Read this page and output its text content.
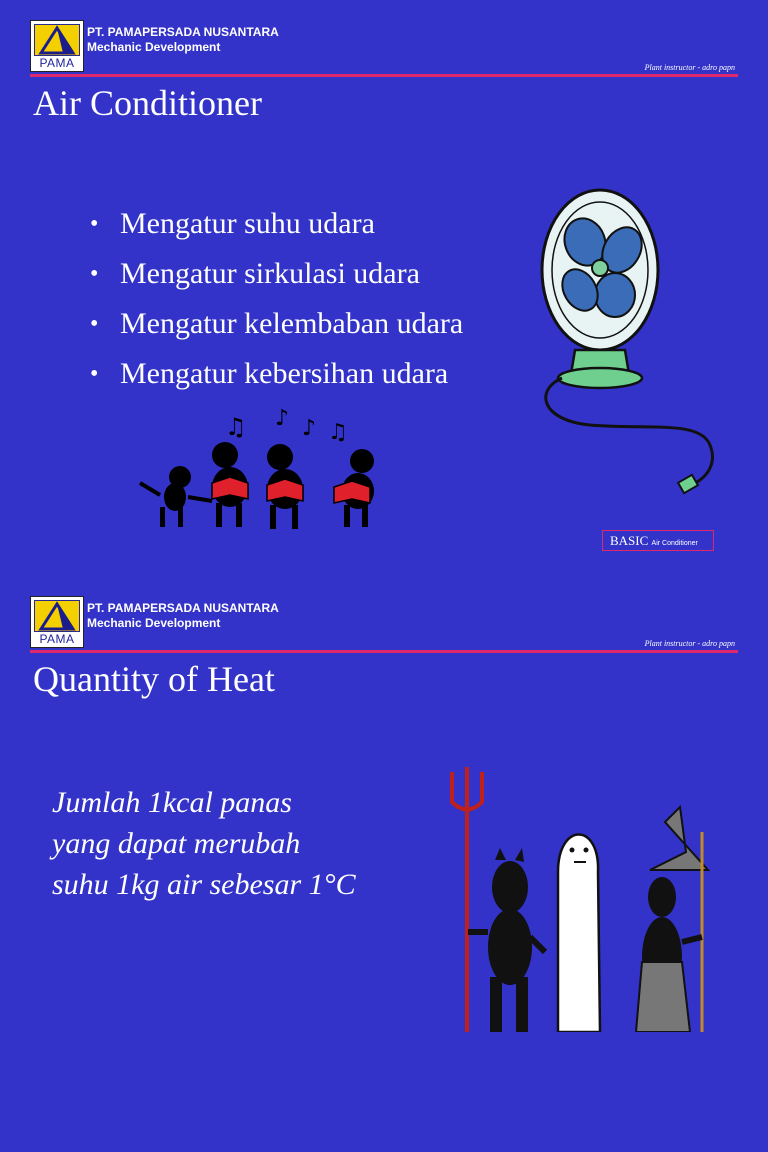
PAMA
PT. PAMAPERSADA NUSANTARA
Mechanic Development
Plant instructor - adro papn
Air Conditioner
• Mengatur suhu udara
• Mengatur sirkulasi udara
• Mengatur kelembaban udara
• Mengatur kebersihan udara
♫ ♪ ♪ ♫
BASIC Air Conditioner
PAMA
PT. PAMAPERSADA NUSANTARA
Mechanic Development
Plant instructor - adro papn
Quantity of Heat
Jumlah 1kcal panas
yang dapat merubah
suhu 1kg air sebesar 1°C
